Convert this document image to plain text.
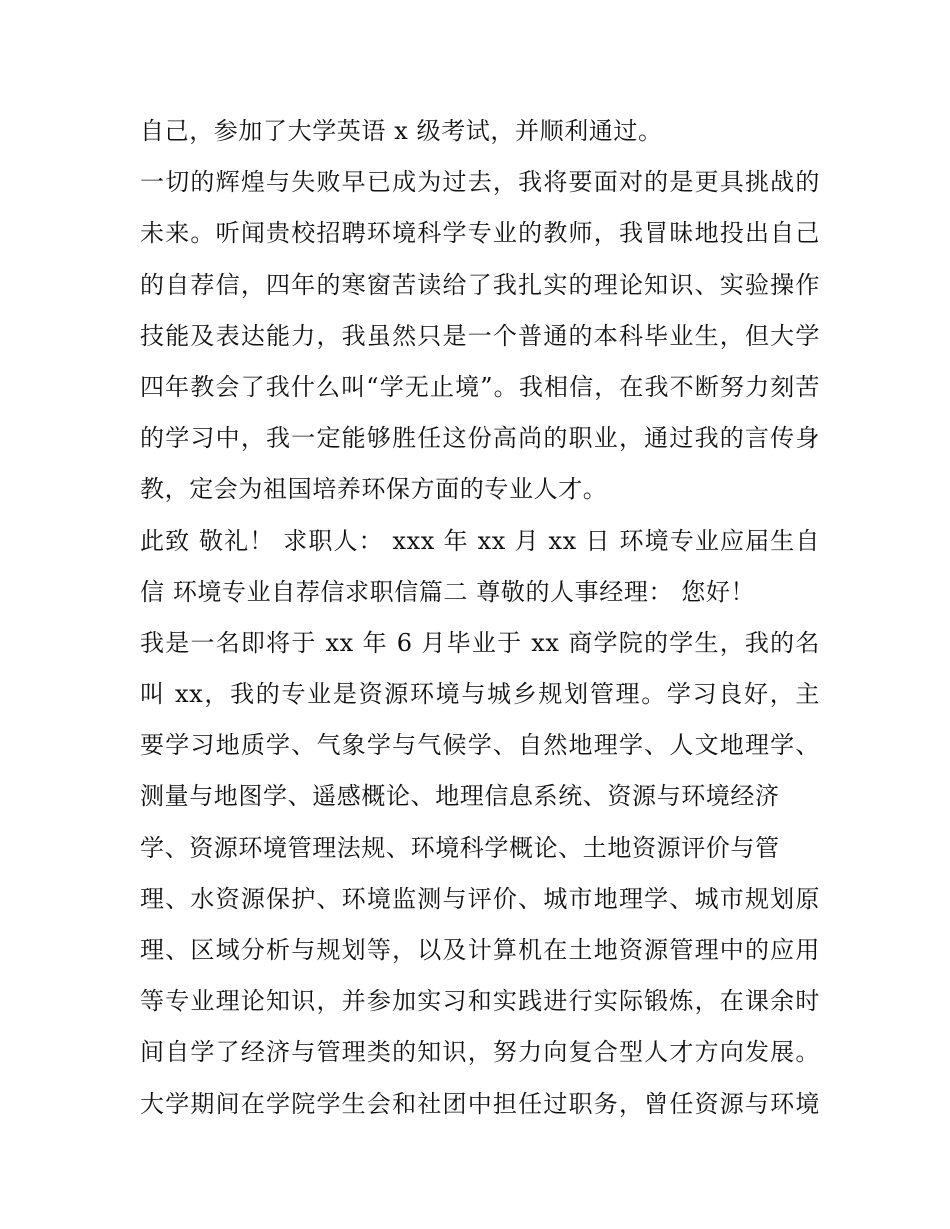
自己，参加了大学英语 x 级考试，并顺利通过。
一切的辉煌与失败早已成为过去，我将要面对的是更具挑战的
未来。听闻贵校招聘环境科学专业的教师，我冒昧地投出自己
的自荐信，四年的寒窗苦读给了我扎实的理论知识、实验操作
技能及表达能力，我虽然只是一个普通的本科毕业生，但大学
四年教会了我什么叫“学无止境”。我相信，在我不断努力刻苦
的学习中，我一定能够胜任这份高尚的职业，通过我的言传身
教，定会为祖国培养环保方面的专业人才。
此致 敬礼！ 求职人： xxx 年 xx 月 xx 日 环境专业应届生自
信 环境专业自荐信求职信篇二 尊敬的人事经理： 您好！
我是一名即将于 xx 年 6 月毕业于 xx 商学院的学生，我的名
叫 xx，我的专业是资源环境与城乡规划管理。学习良好，主
要学习地质学、气象学与气候学、自然地理学、人文地理学、
测量与地图学、遥感概论、地理信息系统、资源与环境经济
学、资源环境管理法规、环境科学概论、土地资源评价与管
理、水资源保护、环境监测与评价、城市地理学、城市规划原
理、区域分析与规划等，以及计算机在土地资源管理中的应用
等专业理论知识，并参加实习和实践进行实际锻炼，在课余时
间自学了经济与管理类的知识，努力向复合型人才方向发展。
大学期间在学院学生会和社团中担任过职务，曾任资源与环境
